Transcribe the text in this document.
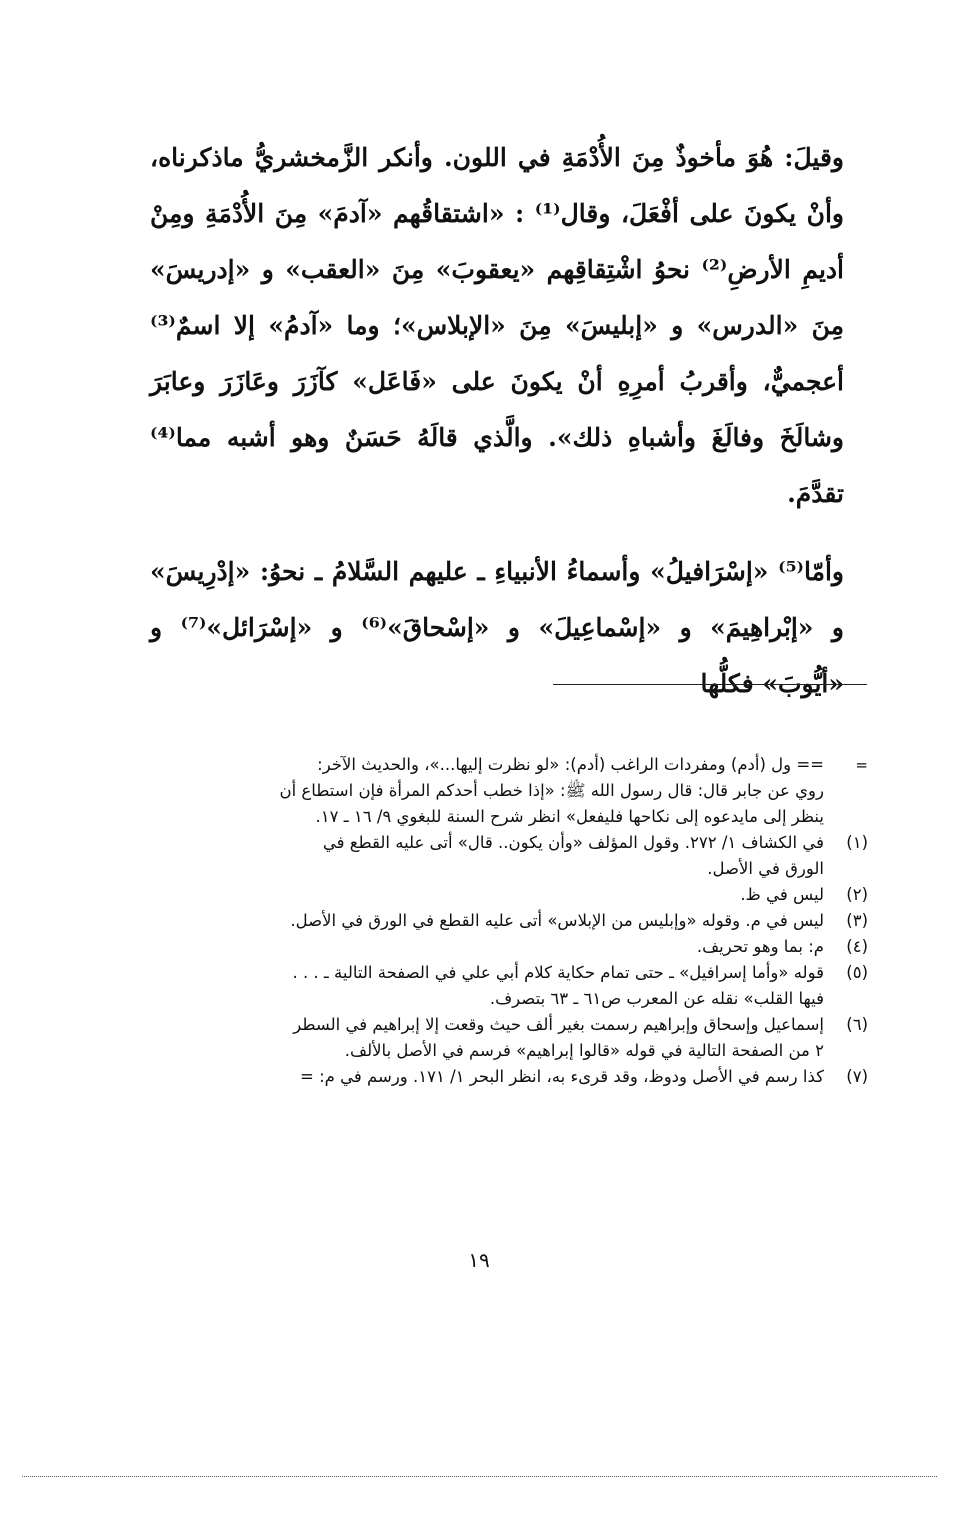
وقيلَ: هُوَ مأخوذٌ مِنَ الأُدْمَةِ في اللون. وأنكر الزَّمخشريُّ ماذكرناه، وأنْ يكونَ على أفْعَلَ، وقال⁽¹⁾ : «اشتقاقُهم «آدمَ» مِنَ الأُدْمَةِ ومِنْ أديمِ الأرضِ⁽²⁾ نحوُ اشْتِقاقِهم «يعقوبَ» مِنَ «العقب» و «إدريسَ» مِنَ «الدرس» و «إبليسَ» مِنَ «الإبلاس»؛ وما «آدمُ» إلا اسمٌ⁽³⁾ أعجميٌّ، وأقربُ أمرِهِ أنْ يكونَ على «فَاعَل» كآزَرَ وعَازَرَ وعابَرَ وشالَخَ وفالَغَ وأشباهِ ذلك». والَّذي قالَهُ حَسَنٌ وهو أشبه مما⁽⁴⁾ تقدَّمَ.

وأمّا⁽⁵⁾ «إسْرَافيلُ» وأسماءُ الأنبياءِ ـ عليهم السَّلامُ ـ نحوُ: «إدْرِيسَ» و «إبْراهِيمَ» و «إسْماعِيلَ» و «إسْحاقَ»⁽⁶⁾ و «إسْرَائل»⁽⁷⁾ و «أيُّوبَ» فكلُّها

=
== ول (أدم) ومفردات الراغب (أدم): «لو نظرت إليها...»، والحديث الآخر:
روي عن جابر قال: قال رسول الله ﷺ: «إذا خطب أحدكم المرأة فإن استطاع أن
ينظر إلى مايدعوه إلى نكاحها فليفعل» انظر شرح السنة للبغوي ٩/ ١٦ ـ ١٧.
(١)
في الكشاف ١/ ٢٧٢. وقول المؤلف «وأن يكون.. قال» أتى عليه القطع في
الورق في الأصل.
(٢)
ليس في ظ.
(٣)
ليس في م. وقوله «وإبليس من الإبلاس» أتى عليه القطع في الورق في الأصل.
(٤)
م: بما وهو تحريف.
(٥)
قوله «وأما إسرافيل» ـ حتى تمام حكاية كلام أبي علي في الصفحة التالية ـ . . .
فيها القلب» نقله عن المعرب ص٦١ ـ ٦٣ بتصرف.
(٦)
إسماعيل وإسحاق وإبراهيم رسمت بغير ألف حيث وقعت إلا إبراهيم في السطر
٢ من الصفحة التالية في قوله «قالوا إبراهيم» فرسم في الأصل بالألف.
(٧)
كذا رسم في الأصل ودوظ، وقد قرىء به، انظر البحر ١/ ١٧١. ورسم في م: =
١٩
